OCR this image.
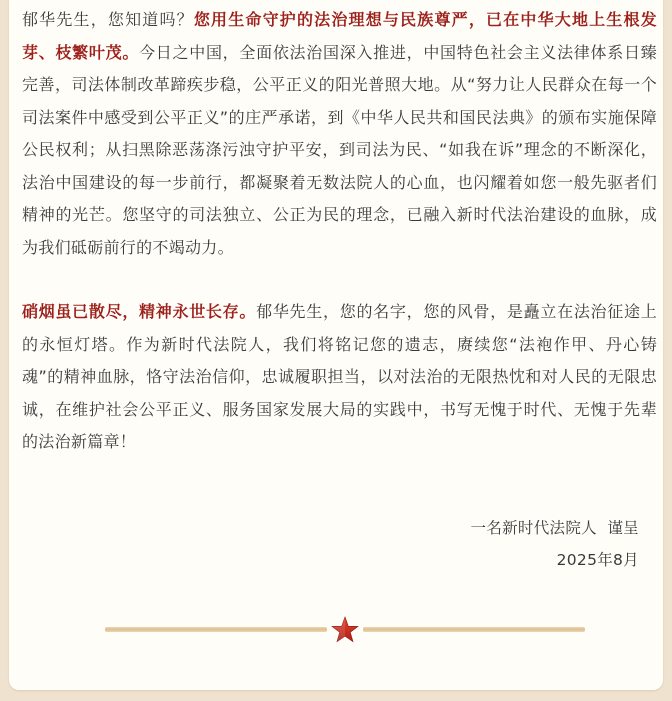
郁华先生，您知道吗？您用生命守护的法治理想与民族尊严，已在中华大地上生根发芽、枝繁叶茂。今日之中国，全面依法治国深入推进，中国特色社会主义法律体系日臻完善，司法体制改革蹄疾步稳，公平正义的阳光普照大地。从“努力让人民群众在每一个司法案件中感受到公平正义”的庄严承诺，到《中华人民共和国民法典》的颁布实施保障公民权利；从扫黑除恶荡涤污浊守护平安，到司法为民、“如我在诉”理念的不断深化，法治中国建设的每一步前行，都凝聚着无数法院人的心血，也闪耀着如您一般先驱者们精神的光芒。您坚守的司法独立、公正为民的理念，已融入新时代法治建设的血脉，成为我们砥砺前行的不竭动力。

硝烟虽已散尽，精神永世长存。郁华先生，您的名字，您的风骨，是矗立在法治征途上的永恒灯塔。作为新时代法院人，我们将铭记您的遗志，赓续您“法袍作甲、丹心铸魂”的精神血脉，恪守法治信仰，忠诚履职担当，以对法治的无限热忱和对人民的无限忠诚，在维护社会公平正义、服务国家发展大局的实践中，书写无愧于时代、无愧于先辈的法治新篇章！

一名新时代法院人  谨呈
2025年8月
